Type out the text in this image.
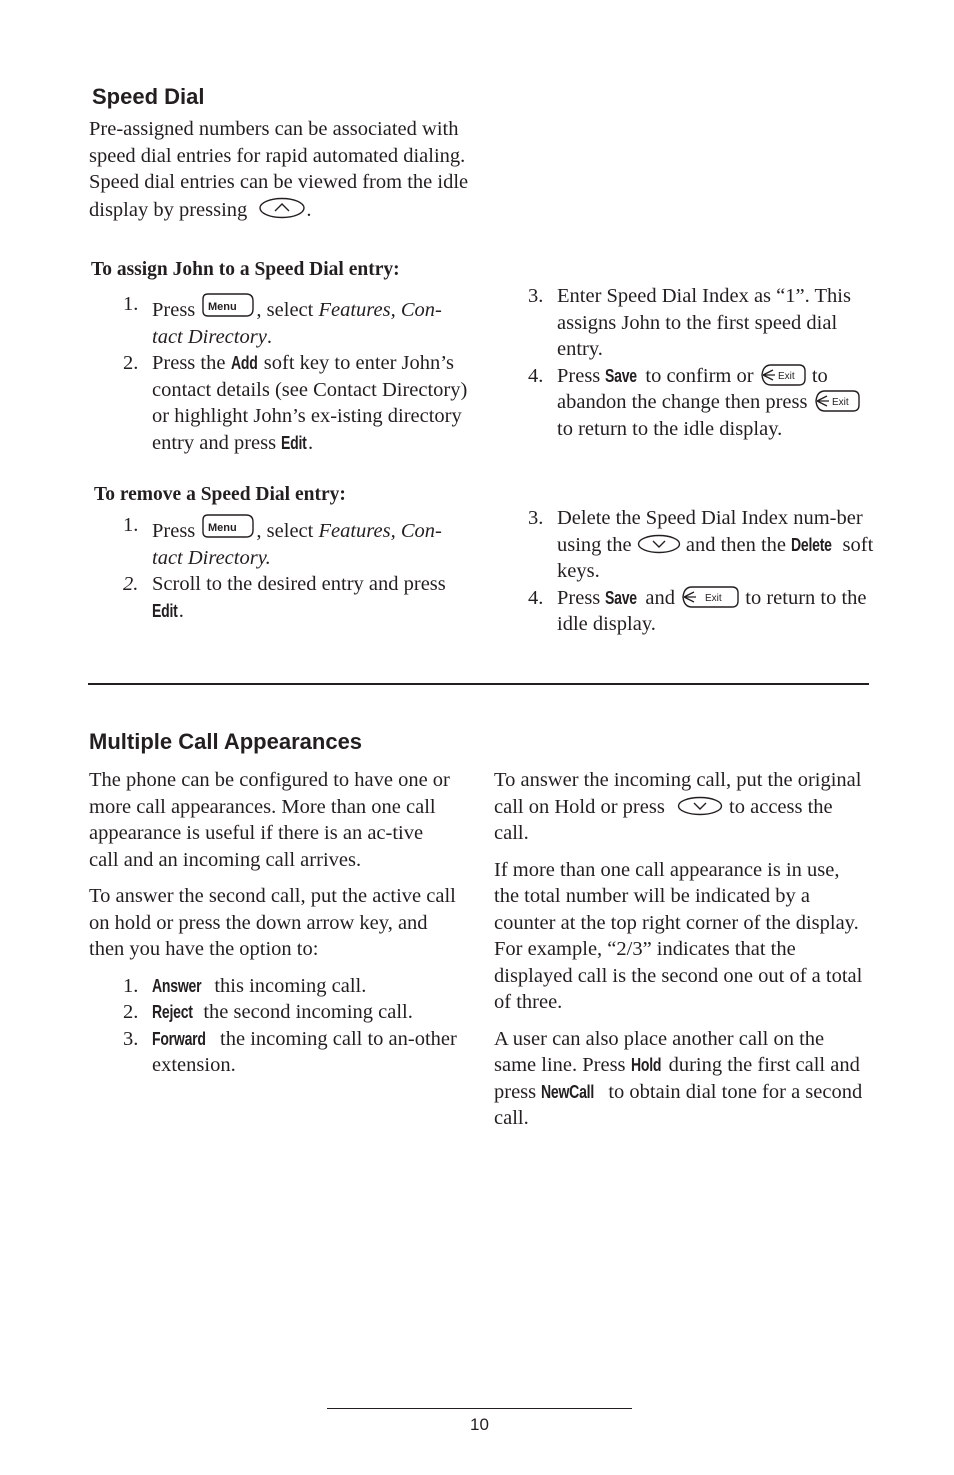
Speed Dial
Pre-assigned numbers can be associated with speed dial entries for rapid automated dialing. Speed dial entries can be viewed from the idle display by pressing	.
To assign John to a Speed Dial entry:
1. Press Menu , select Features, Con-tact Directory.
2. Press the Add soft key to enter John’s contact details (see Contact Directory) or highlight John’s ex-isting directory entry and press Edit.
3. Enter Speed Dial Index as “1”. This assigns John to the first speed dial entry.
4. Press Save to confirm or Exit to abandon the change then press Exit
to return to the idle display.
To remove a Speed Dial entry:
1. Press Menu , select Features, Con-tact Directory.
2. Scroll to the desired entry and press Edit.
3. Delete the Speed Dial Index num-ber using the  and then the Delete soft keys.
4. Press Save and	Exit to return to the idle display.
Multiple Call Appearances

The phone can be configured to have one or more call appearances. More than one call appearance is useful if there is an ac-tive call and an incoming call arrives.

To answer the second call, put the active call on hold or press the down arrow key, and then you have the option to:

1. Answer this incoming call.
2. Reject the second incoming call.
3. Forward the incoming call to an-other extension.

To answer the incoming call, put the original call on Hold or press	to access the call.

If more than one call appearance is in use, the total number will be indicated by a counter at the top right corner of the display. For example, “2/3” indicates that the displayed call is the second one out of a total of three.

A user can also place another call on the same line. Press Hold during the first call and press NewCall to obtain dial tone for a second call.

10
